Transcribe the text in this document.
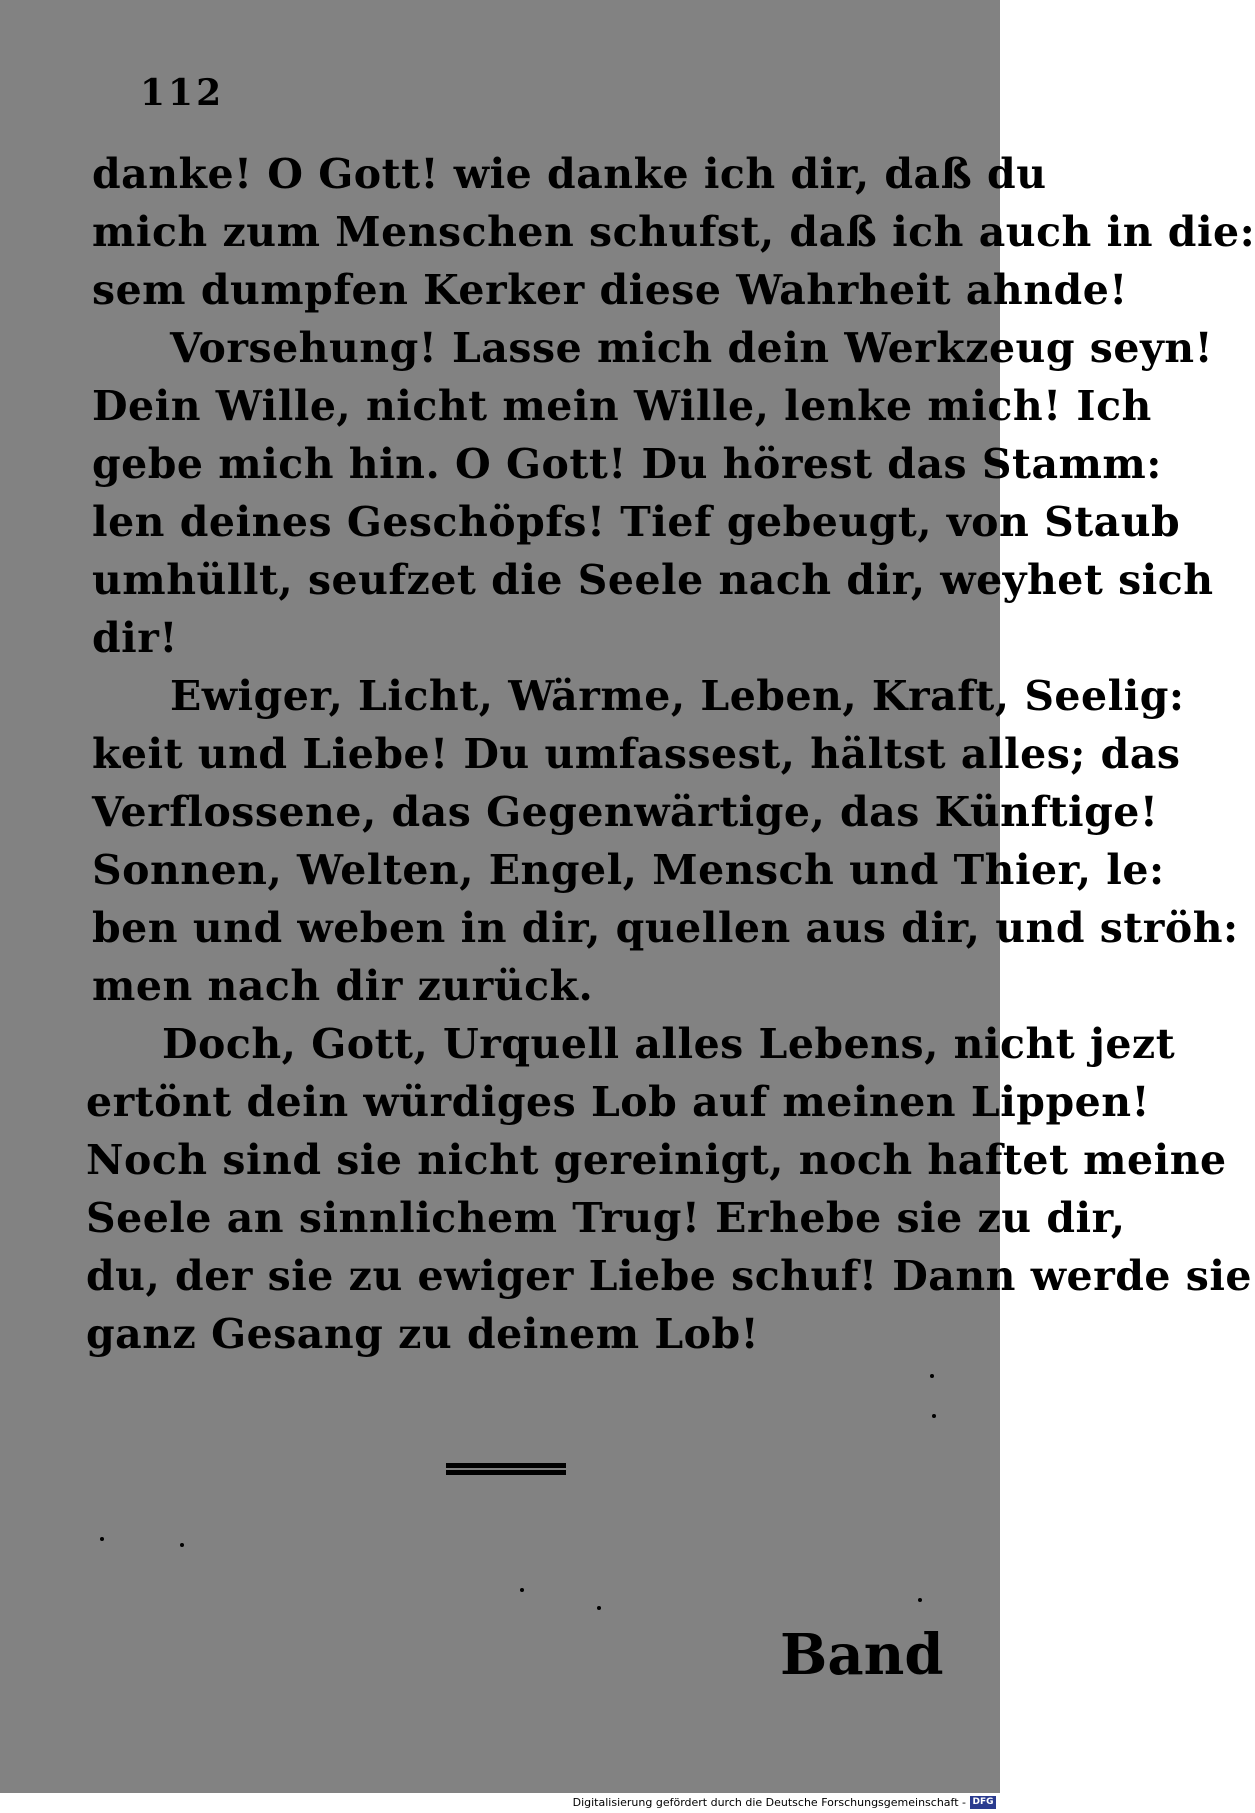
112
danke! O Gott! wie danke ich dir, daß du
mich zum Menschen schufst, daß ich auch in die:
sem dumpfen Kerker diese Wahrheit ahnde!
Vorsehung! Lasse mich dein Werkzeug seyn!
Dein Wille, nicht mein Wille, lenke mich! Ich
gebe mich hin. O Gott! Du hörest das Stamm:
len deines Geschöpfs! Tief gebeugt, von Staub
umhüllt, seufzet die Seele nach dir, weyhet sich
dir!
Ewiger, Licht, Wärme, Leben, Kraft, Seelig:
keit und Liebe! Du umfassest, hältst alles; das
Verflossene, das Gegenwärtige, das Künftige!
Sonnen, Welten, Engel, Mensch und Thier, le:
ben und weben in dir, quellen aus dir, und ströh:
men nach dir zurück.
Doch, Gott, Urquell alles Lebens, nicht jezt
ertönt dein würdiges Lob auf meinen Lippen!
Noch sind sie nicht gereinigt, noch haftet meine
Seele an sinnlichem Trug! Erhebe sie zu dir,
du, der sie zu ewiger Liebe schuf! Dann werde sie
ganz Gesang zu deinem Lob!
Band
Digitalisierung gefördert durch die Deutsche Forschungsgemeinschaft - DFG
